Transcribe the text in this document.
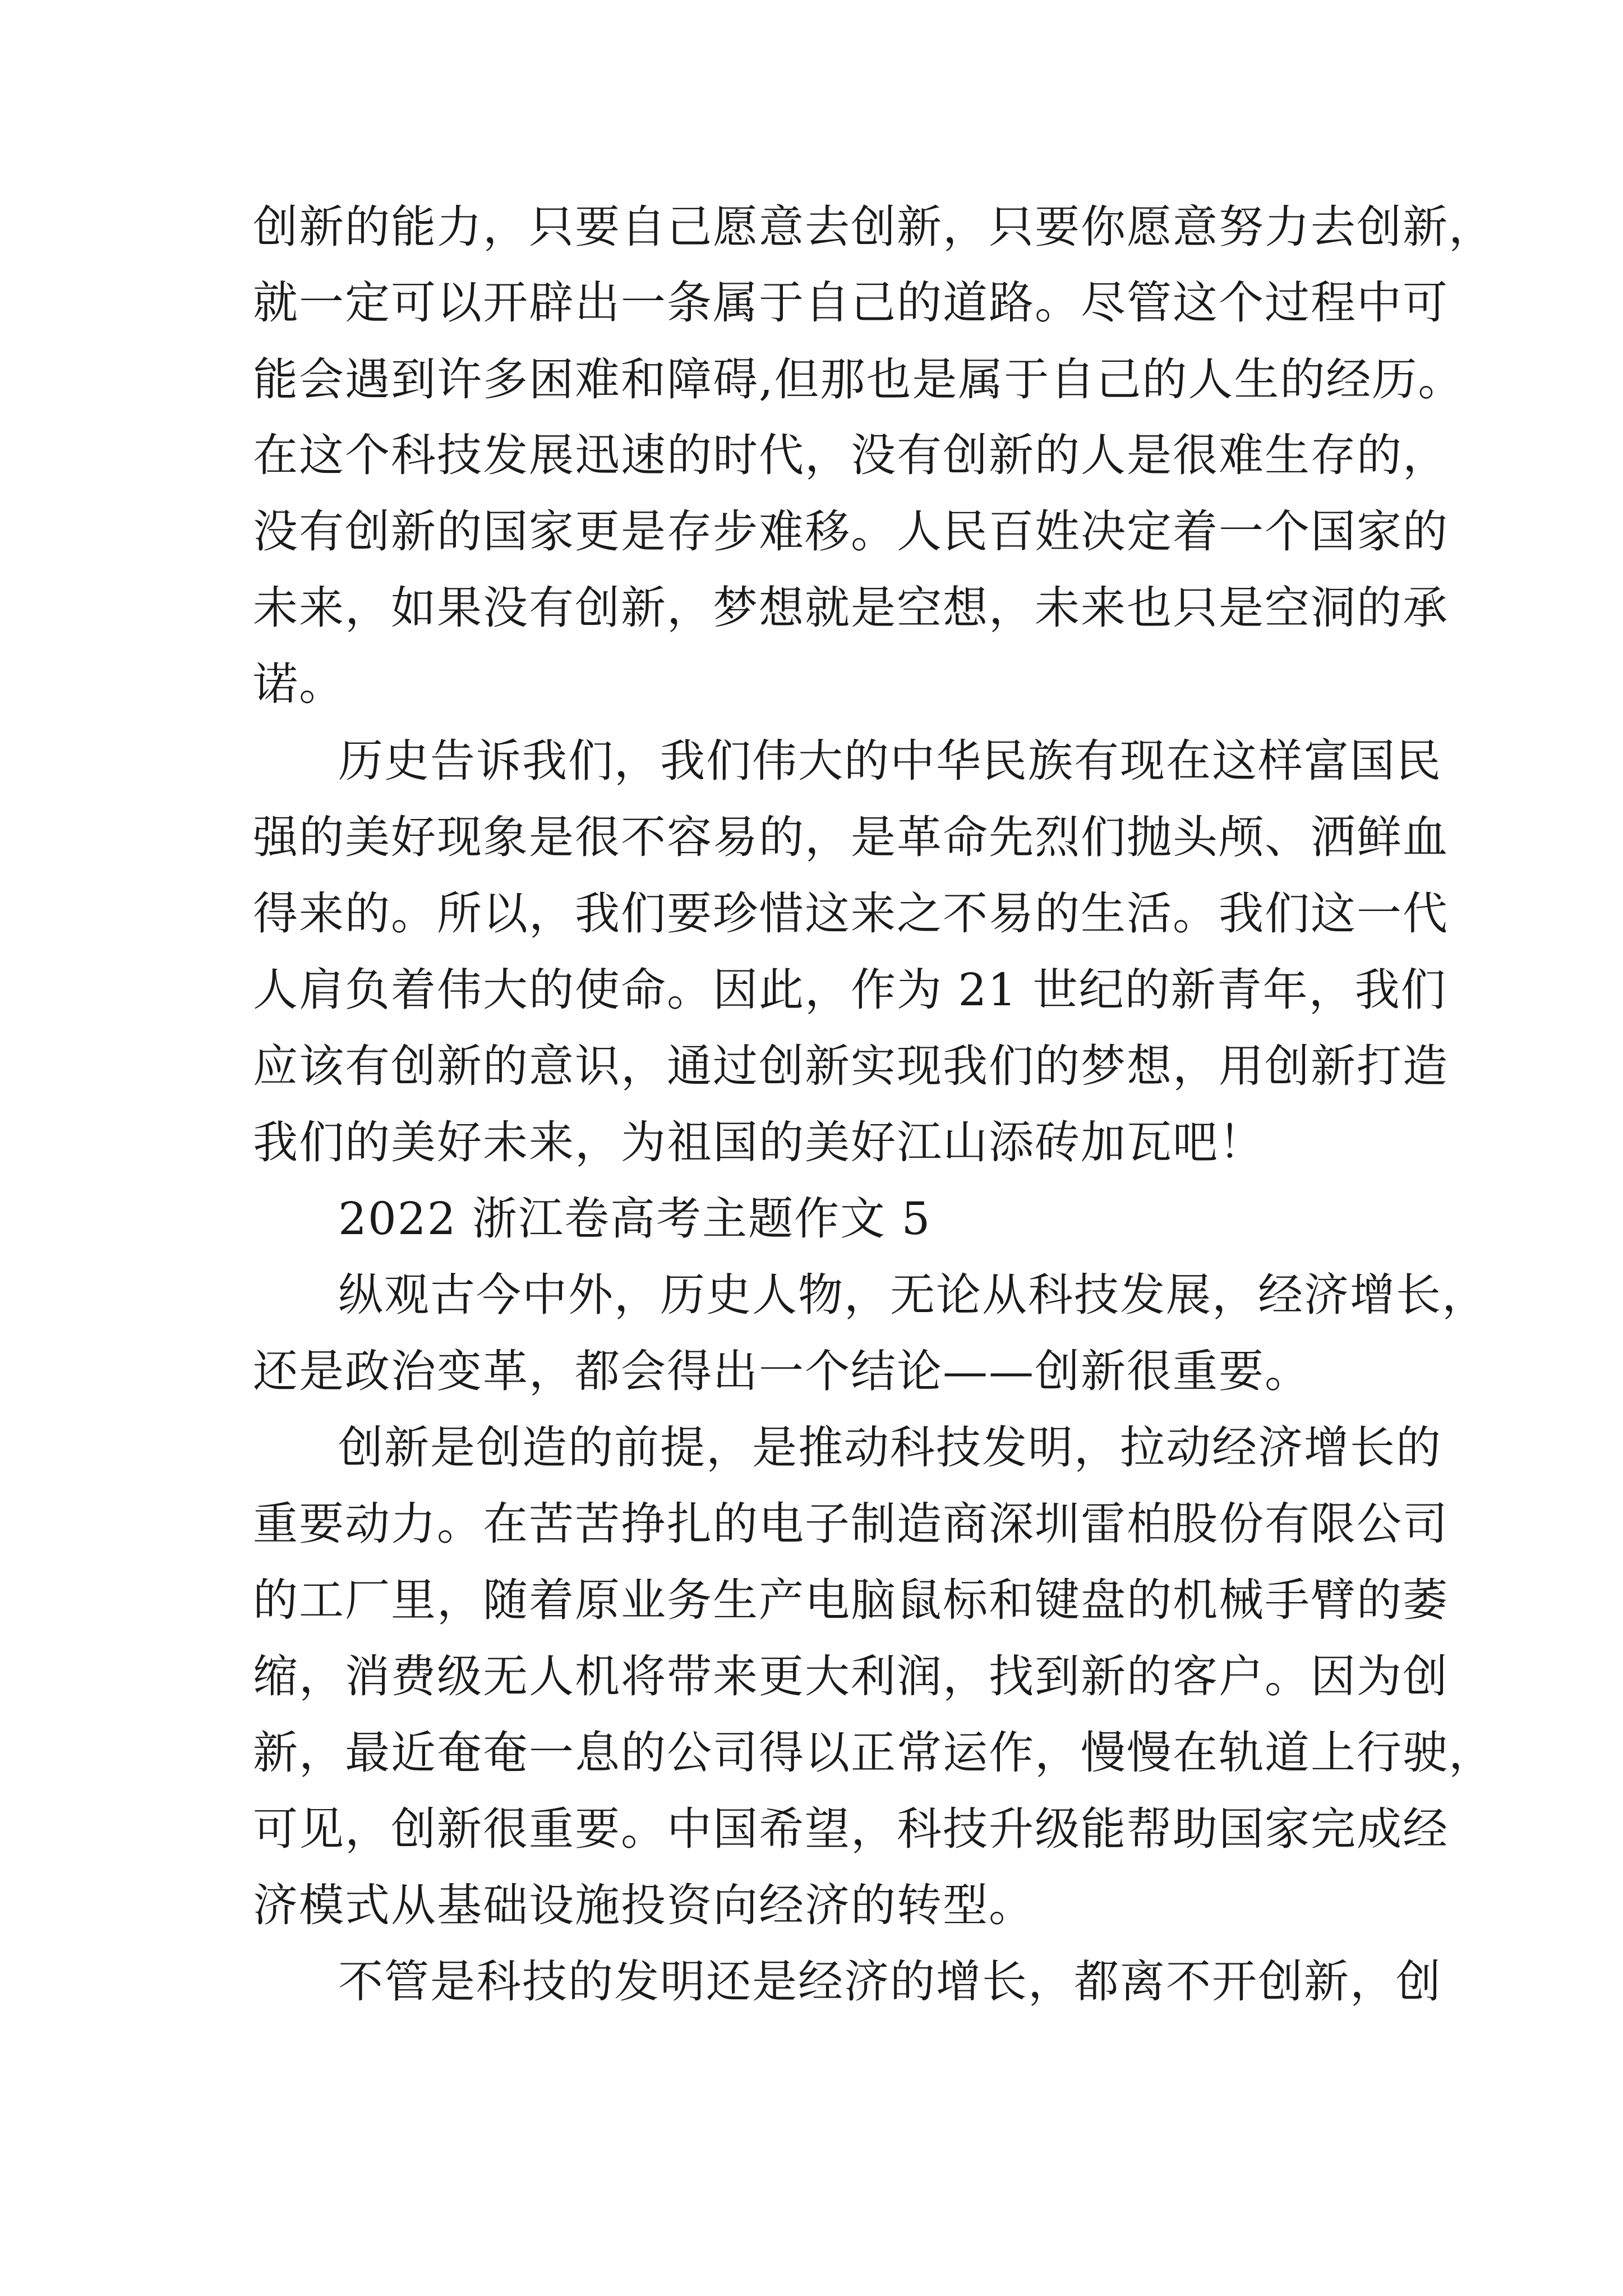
创新的能力，只要自己愿意去创新，只要你愿意努力去创新，
就一定可以开辟出一条属于自己的道路。尽管这个过程中可
能会遇到许多困难和障碍,但那也是属于自己的人生的经历。
在这个科技发展迅速的时代，没有创新的人是很难生存的，
没有创新的国家更是存步难移。人民百姓决定着一个国家的
未来，如果没有创新，梦想就是空想，未来也只是空洞的承
诺。
历史告诉我们，我们伟大的中华民族有现在这样富国民
强的美好现象是很不容易的，是革命先烈们抛头颅、洒鲜血
得来的。所以，我们要珍惜这来之不易的生活。我们这一代
人肩负着伟大的使命。因此，作为 21 世纪的新青年，我们
应该有创新的意识，通过创新实现我们的梦想，用创新打造
我们的美好未来，为祖国的美好江山添砖加瓦吧！
2022 浙江卷高考主题作文 5
纵观古今中外，历史人物，无论从科技发展，经济增长，
还是政治变革，都会得出一个结论——创新很重要。
创新是创造的前提，是推动科技发明，拉动经济增长的
重要动力。在苦苦挣扎的电子制造商深圳雷柏股份有限公司
的工厂里，随着原业务生产电脑鼠标和键盘的机械手臂的萎
缩，消费级无人机将带来更大利润，找到新的客户。因为创
新，最近奄奄一息的公司得以正常运作，慢慢在轨道上行驶，
可见，创新很重要。中国希望，科技升级能帮助国家完成经
济模式从基础设施投资向经济的转型。
不管是科技的发明还是经济的增长，都离不开创新，创
